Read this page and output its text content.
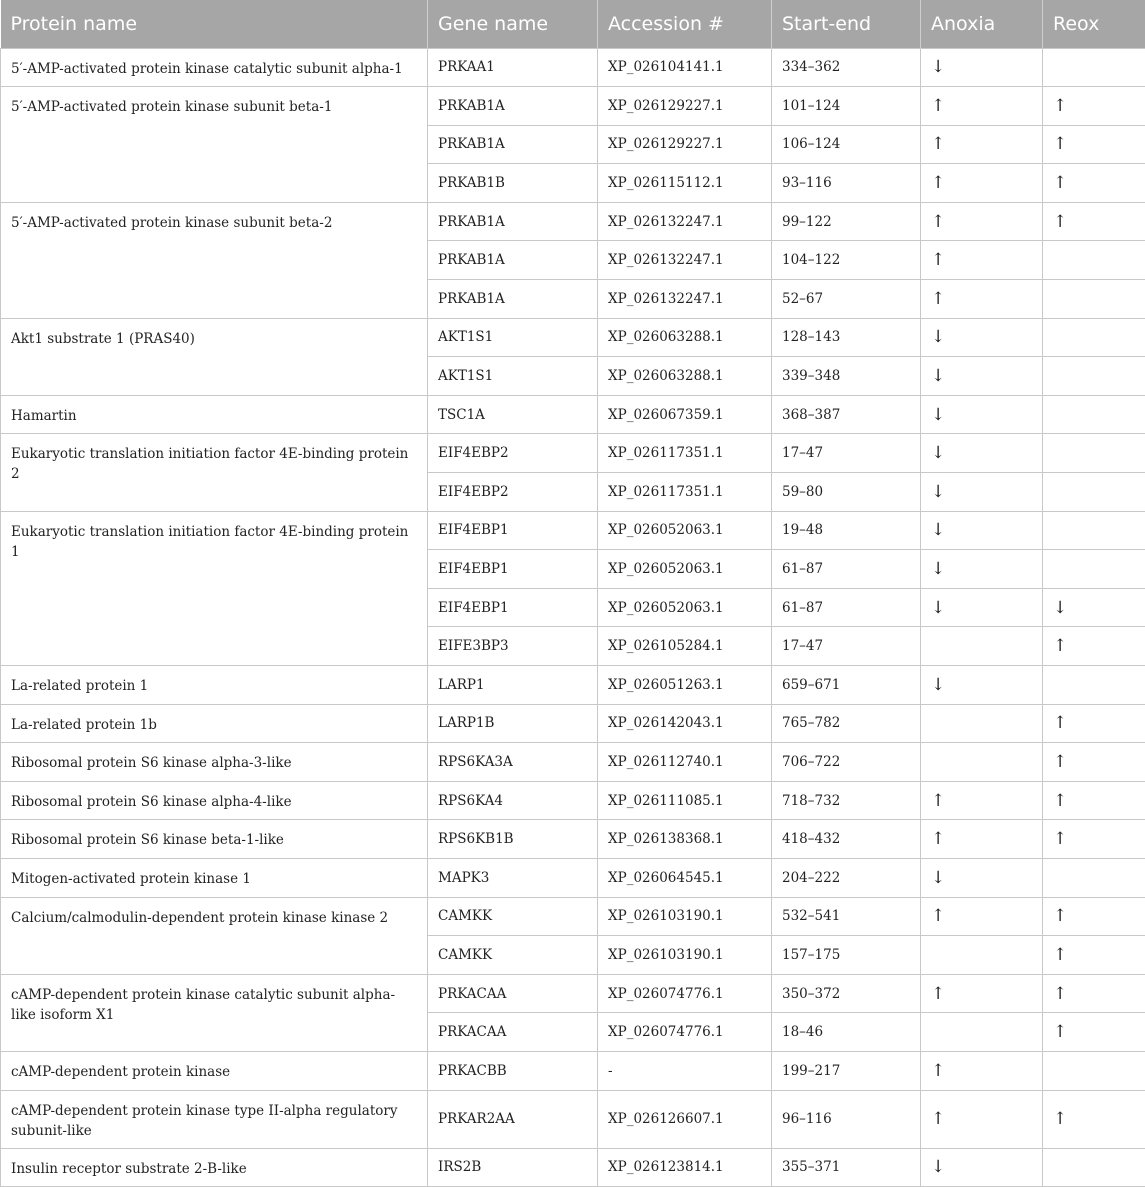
Protein name	Gene name	Accession #	Start-end	Anoxia	Reox
5′-AMP-activated protein kinase catalytic subunit alpha-1	PRKAA1	XP_026104141.1	334–362	↓	
5′-AMP-activated protein kinase subunit beta-1	PRKAB1A	XP_026129227.1	101–124	↑	↑
	PRKAB1A	XP_026129227.1	106–124	↑	↑
	PRKAB1B	XP_026115112.1	93–116	↑	↑
5′-AMP-activated protein kinase subunit beta-2	PRKAB1A	XP_026132247.1	99–122	↑	↑
	PRKAB1A	XP_026132247.1	104–122	↑	
	PRKAB1A	XP_026132247.1	52–67	↑	
Akt1 substrate 1 (PRAS40)	AKT1S1	XP_026063288.1	128–143	↓	
	AKT1S1	XP_026063288.1	339–348	↓	
Hamartin	TSC1A	XP_026067359.1	368–387	↓	
Eukaryotic translation initiation factor 4E-binding protein 2	EIF4EBP2	XP_026117351.1	17–47	↓	
	EIF4EBP2	XP_026117351.1	59–80	↓	
Eukaryotic translation initiation factor 4E-binding protein 1	EIF4EBP1	XP_026052063.1	19–48	↓	
	EIF4EBP1	XP_026052063.1	61–87	↓	
	EIF4EBP1	XP_026052063.1	61–87	↓	↓
	EIFE3BP3	XP_026105284.1	17–47		↑
La-related protein 1	LARP1	XP_026051263.1	659–671	↓	
La-related protein 1b	LARP1B	XP_026142043.1	765–782		↑
Ribosomal protein S6 kinase alpha-3-like	RPS6KA3A	XP_026112740.1	706–722		↑
Ribosomal protein S6 kinase alpha-4-like	RPS6KA4	XP_026111085.1	718–732	↑	↑
Ribosomal protein S6 kinase beta-1-like	RPS6KB1B	XP_026138368.1	418–432	↑	↑
Mitogen-activated protein kinase 1	MAPK3	XP_026064545.1	204–222	↓	
Calcium/calmodulin-dependent protein kinase kinase 2	CAMKK	XP_026103190.1	532–541	↑	↑
	CAMKK	XP_026103190.1	157–175		↑
cAMP-dependent protein kinase catalytic subunit alpha-like isoform X1	PRKACAA	XP_026074776.1	350–372	↑	↑
	PRKACAA	XP_026074776.1	18–46		↑
cAMP-dependent protein kinase	PRKACBB	-	199–217	↑	
cAMP-dependent protein kinase type II-alpha regulatory subunit-like	PRKAR2AA	XP_026126607.1	96–116	↑	↑
Insulin receptor substrate 2-B-like	IRS2B	XP_026123814.1	355–371	↓	
